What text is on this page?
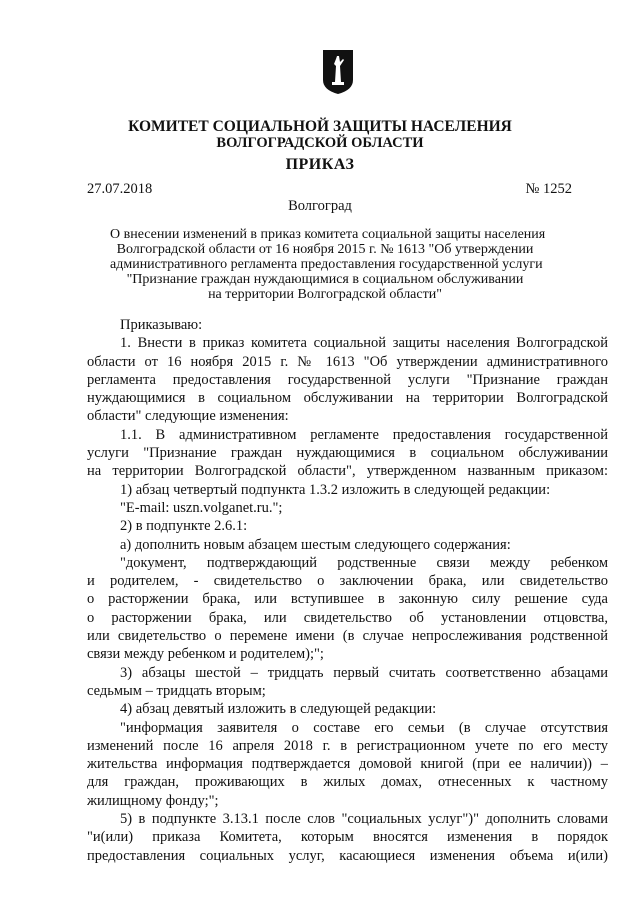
КОМИТЕТ СОЦИАЛЬНОЙ ЗАЩИТЫ НАСЕЛЕНИЯ
ВОЛГОГРАДСКОЙ ОБЛАСТИ
ПРИКАЗ
27.07.2018	№ 1252
Волгоград
О внесении изменений в приказ комитета социальной защиты населения
Волгоградской области от 16 ноября 2015 г. № 1613 "Об утверждении
административного регламента предоставления государственной услуги
"Признание граждан нуждающимися в социальном обслуживании
на территории Волгоградской области"
Приказываю:
1. Внести в приказ комитета социальной защиты населения Волгоградской
области от 16 ноября 2015 г. № 1613 "Об утверждении административного
регламента предоставления государственной услуги "Признание граждан
нуждающимися в социальном обслуживании на территории Волгоградской
области" следующие изменения:
1.1. В административном регламенте предоставления государственной
услуги "Признание граждан нуждающимися в социальном обслуживании
на территории Волгоградской области", утвержденном названным приказом:
1) абзац четвертый подпункта 1.3.2 изложить в следующей редакции:
"E-mail: uszn.volganet.ru.";
2) в подпункте 2.6.1:
а) дополнить новым абзацем шестым следующего содержания:
"документ, подтверждающий родственные связи между ребенком
и родителем, - свидетельство о заключении брака, или свидетельство
о расторжении брака, или вступившее в законную силу решение суда
о расторжении брака, или свидетельство об установлении отцовства,
или свидетельство о перемене имени (в случае непрослеживания родственной
связи между ребенком и родителем);";
3) абзацы шестой – тридцать первый считать соответственно абзацами
седьмым – тридцать вторым;
4) абзац девятый изложить в следующей редакции:
"информация заявителя о составе его семьи (в случае отсутствия
изменений после 16 апреля 2018 г. в регистрационном учете по его месту
жительства информация подтверждается домовой книгой (при ее наличии)) –
для граждан, проживающих в жилых домах, отнесенных к частному
жилищному фонду;";
5) в подпункте 3.13.1 после слов "социальных услуг")" дополнить словами
"и(или) приказа Комитета, которым вносятся изменения в порядок
предоставления социальных услуг, касающиеся изменения объема и(или)
